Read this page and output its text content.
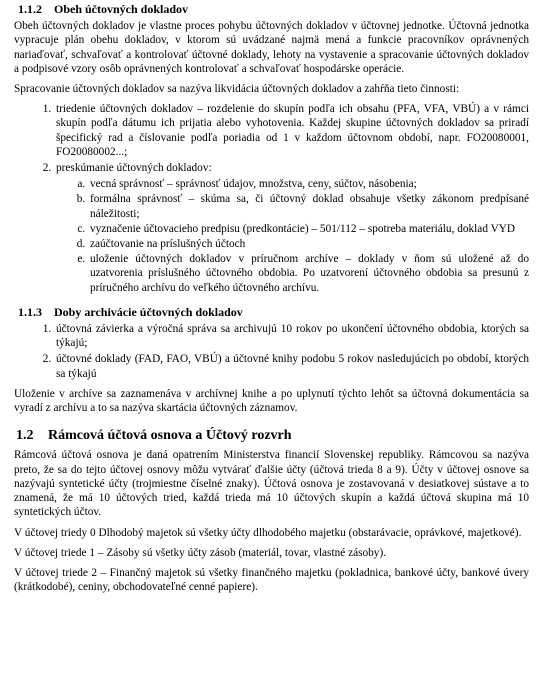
1.1.2	Obeh účtovných dokladov

Obeh účtovných dokladov je vlastne proces pohybu účtovných dokladov v účtovnej jednotke. Účtovná jednotka vypracuje plán obehu dokladov, v ktorom sú uvádzané najmä mená a funkcie pracovníkov oprávnených nariaďovať, schvaľovať a kontrolovať účtovné doklady, lehoty na vystavenie a spracovanie účtovných dokladov a podpisové vzory osôb oprávnených kontrolovať a schvaľovať hospodárske operácie.

Spracovanie účtovných dokladov sa nazýva likvidácia účtovných dokladov a zahŕňa tieto činnosti:

1. triedenie účtovných dokladov – rozdelenie do skupín podľa ich obsahu (PFA, VFA, VBÚ) a v rámci skupín podľa dátumu ich prijatia alebo vyhotovenia. Každej skupine účtovných dokladov sa priradí špecifický rad a číslovanie podľa poriadia od 1 v každom účtovnom období, napr. FO20080001, FO20080002...;
2. preskúmanie účtovných dokladov:
a. vecná správnosť – správnosť údajov, množstva, ceny, súčtov, násobenia;
b. formálna správnosť – skúma sa, či účtovný doklad obsahuje všetky zákonom predpísané náležitosti;
c. vyznačenie účtovacieho predpisu (predkontácie) – 501/112 – spotreba materiálu, doklad VYD
d. zaúčtovanie na príslušných účtoch
e. uloženie účtovných dokladov v príručnom archíve – doklady v ňom sú uložené až do uzatvorenia príslušného účtovného obdobia. Po uzatvorení účtovného obdobia sa presunú z príručného archívu do veľkého účtovného archívu.
1.1.3	Doby archivácie účtovných dokladov
1. účtovná závierka a výročná správa sa archivujú 10 rokov po ukončení účtovného obdobia, ktorých sa týkajú;
2. účtovné doklady (FAD, FAO, VBÚ) a účtovné knihy podobu 5 rokov nasledujúcich po období, ktorých sa týkajú

Uloženie v archíve sa zaznamenáva v archívnej knihe a po uplynutí týchto lehôt sa účtovná dokumentácia sa vyradí z archívu a to sa nazýva skartácia účtovných záznamov.

1.2	Rámcová účtová osnova a Účtový rozvrh

Rámcová účtová osnova je daná opatrením Ministerstva financií Slovenskej republiky. Rámcovou sa nazýva preto, že sa do tejto účtovej osnovy môžu vytvárať ďalšie účty (účtová trieda 8 a 9). Účty v účtovej osnove sa nazývajú syntetické účty (trojmiestne číselné znaky). Účtová osnova je zostavovaná v desiatkovej sústave a to znamená, že má 10 účtových tried, každá trieda má 10 účtových skupín a každá účtová skupina má 10 syntetických účtov.

V účtovej triedy 0 Dlhodobý majetok sú všetky účty dlhodobého majetku (obstarávacie, oprávkové, majetkové).

V účtovej triede 1 – Zásoby sú všetky účty zásob (materiál, tovar, vlastné zásoby).

V účtovej triede 2 – Finančný majetok sú všetky finančného majetku (pokladnica, bankové účty, bankové úvery (krátkodobé), ceniny, obchodovateľné cenné papiere).
